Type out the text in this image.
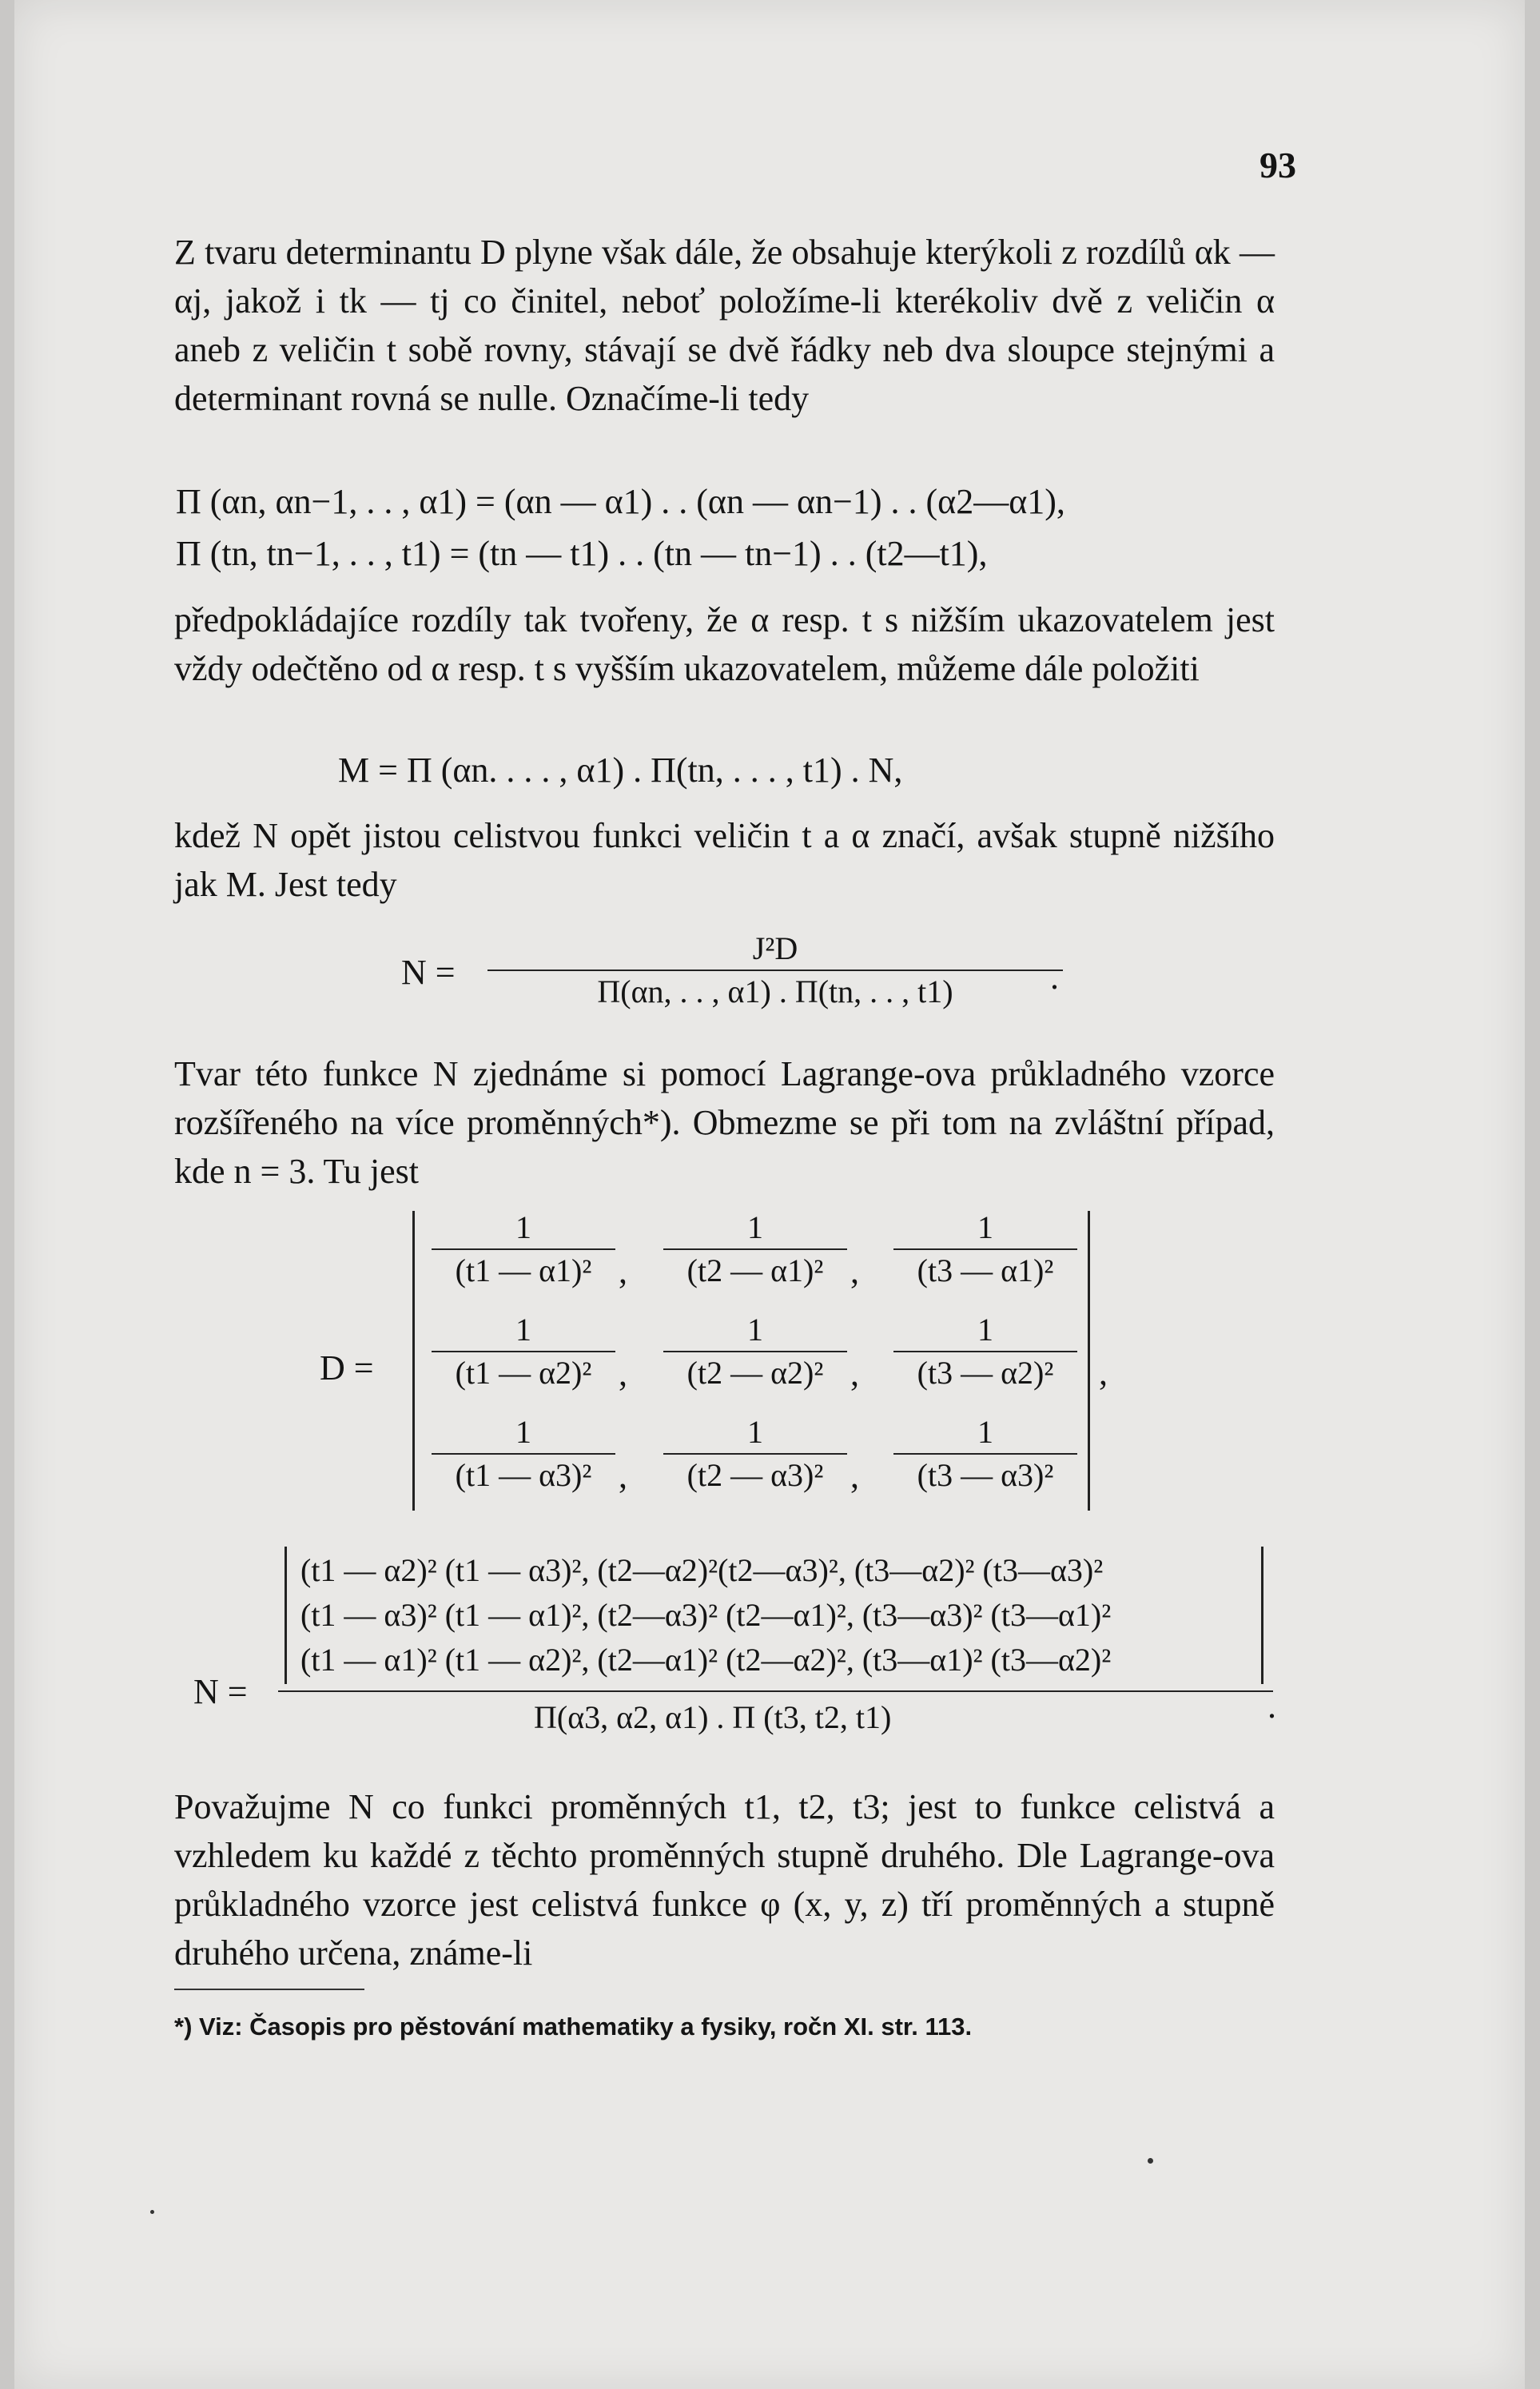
93
Z tvaru determinantu D plyne však dále, že obsahuje kterýkoli z rozdílů αk — αj, jakož i tk — tj co činitel, neboť položíme-li kterékoliv dvě z veličin α aneb z veličin t sobě rovny, stávají se dvě řádky neb dva sloupce stejnými a determinant rovná se nulle. Označíme-li tedy
Π (αn, αn−1, . . , α1) = (αn — α1) . . (αn — αn−1) . . (α2—α1),
Π (tn, tn−1, . . , t1) = (tn — t1) . . (tn — tn−1) . . (t2—t1),
předpokládajíce rozdíly tak tvořeny, že α resp. t s nižším ukazovatelem jest vždy odečtěno od α resp. t s vyšším ukazovatelem, můžeme dále položiti
M = Π (αn. . . . , α1) . Π(tn, . . . , t1) . N,
kdež N opět jistou celistvou funkci veličin t a α značí, avšak stupně nižšího jak M. Jest tedy
$N = \frac{\text{J²D}}{\Pi(\alpha n, . . , \alpha 1) . \Pi(tn, . . , t1)}$
.
Tvar této funkce N zjednáme si pomocí Lagrange-ova průkladného vzorce rozšířeného na více proměnných*). Obmezme se při tom na zvláštní případ, kde n = 3. Tu jest
D =	,
$\frac{1}{\text{(t1 — α1)²}}$ , $\frac{1}{\text{(t2 — α1)²}}$ , $\frac{1}{\text{(t3 — α1)²}}$
$\frac{1}{\text{(t1 — α2)²}}$ , $\frac{1}{\text{(t2 — α2)²}}$ , $\frac{1}{\text{(t3 — α2)²}}$
$\frac{1}{\text{(t1 — α3)²}}$ , $\frac{1}{\text{(t2 — α3)²}}$ , $\frac{1}{\text{(t3 — α3)²}}$
(t1 — α2)² (t1 — α3)², (t2—α2)²(t2—α3)², (t3—α2)² (t3—α3)²
(t1 — α3)² (t1 — α1)², (t2—α3)² (t2—α1)², (t3—α3)² (t3—α1)²
(t1 — α1)² (t1 — α2)², (t2—α1)² (t2—α2)², (t3—α1)² (t3—α2)²
N =
Π(α3, α2, α1) . Π (t3, t2, t1)	.
Považujme N co funkci proměnných t1, t2, t3; jest to funkce celistvá a vzhledem ku každé z těchto proměnných stupně druhého. Dle Lagrange-ova průkladného vzorce jest celistvá funkce φ (x, y, z) tří proměnných a stupně druhého určena, známe-li
*) Viz: Časopis pro pěstování mathematiky a fysiky, ročn XI. str. 113.
